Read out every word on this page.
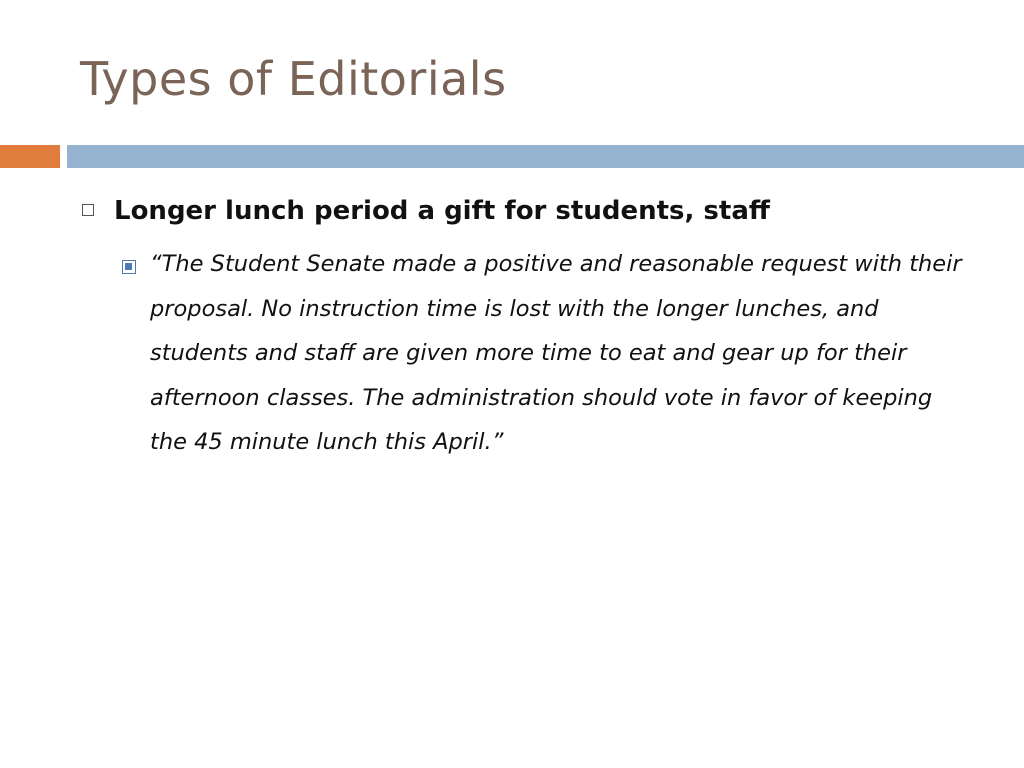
Types of Editorials
Longer lunch period a gift for students, staff
“The Student Senate made a positive and reasonable request with their proposal. No instruction time is lost with the longer lunches, and students and staff are given more time to eat and gear up for their afternoon classes. The administration should vote in favor of keeping the 45 minute lunch this April.”
